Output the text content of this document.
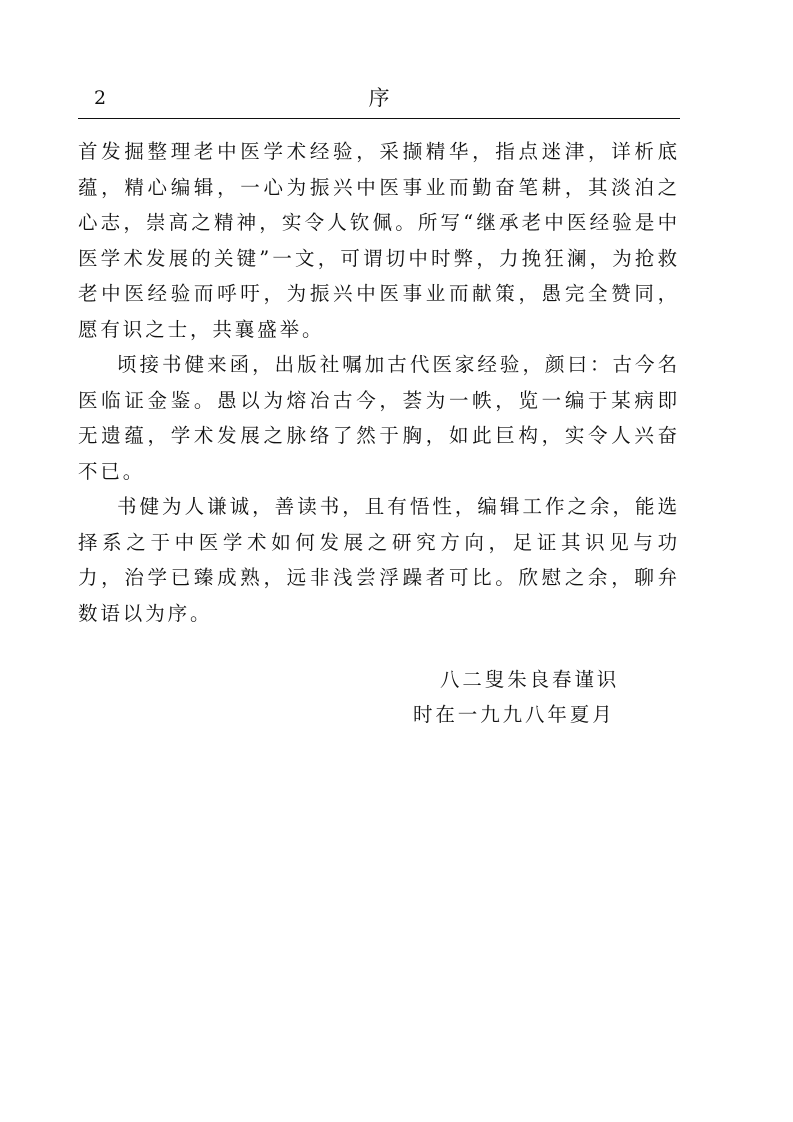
2	序

首发掘整理老中医学术经验，采撷精华，指点迷津，详析底蕴，精心编辑，一心为振兴中医事业而勤奋笔耕，其淡泊之心志，崇高之精神，实令人钦佩。所写“继承老中医经验是中医学术发展的关键”一文，可谓切中时弊，力挽狂澜，为抢救老中医经验而呼吁，为振兴中医事业而献策，愚完全赞同，愿有识之士，共襄盛举。

顷接书健来函，出版社嘱加古代医家经验，颜曰：古今名医临证金鉴。愚以为熔冶古今，荟为一帙，览一编于某病即无遗蕴，学术发展之脉络了然于胸，如此巨构，实令人兴奋不已。

书健为人谦诚，善读书，且有悟性，编辑工作之余，能选择系之于中医学术如何发展之研究方向，足证其识见与功力，治学已臻成熟，远非浅尝浮躁者可比。欣慰之余，聊弁数语以为序。

八二叟朱良春谨识
时在一九九八年夏月
